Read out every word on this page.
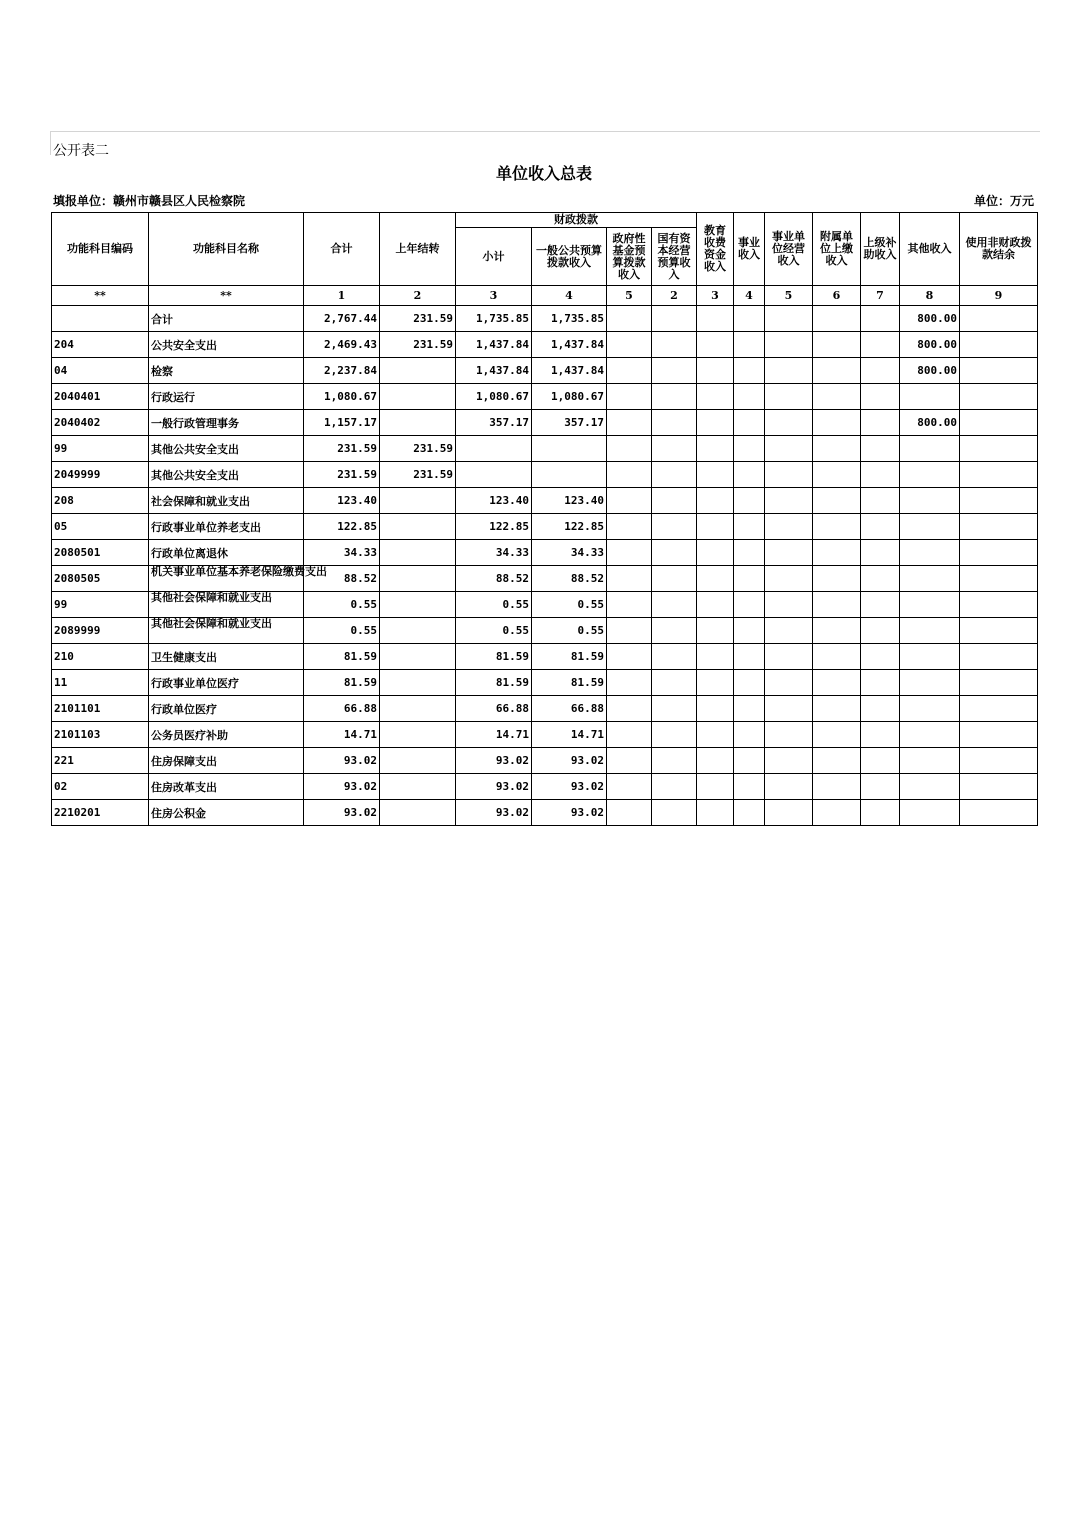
公开表二
单位收入总表
填报单位：赣州市赣县区人民检察院	单位：万元
功能科目编码	功能科目名称	合计	上年结转	财政拨款				教育收费资金收入	事业收入	事业单位经营收入	附属单位上缴收入	上级补助收入	其他收入	使用非财政拨款结余
				小计	一般公共预算拨款收入	政府性基金预算拨款收入	国有资本经营预算收入							
**	**	1	2	3	4	5	2	3	4	5	6	7	8	9
	合计	2,767.44	231.59	1,735.85	1,735.85								800.00	
204	公共安全支出	2,469.43	231.59	1,437.84	1,437.84								800.00	
04	检察	2,237.84		1,437.84	1,437.84								800.00	
2040401	行政运行	1,080.67		1,080.67	1,080.67									
2040402	一般行政管理事务	1,157.17		357.17	357.17								800.00	
99	其他公共安全支出	231.59	231.59											
2049999	其他公共安全支出	231.59	231.59											
208	社会保障和就业支出	123.40		123.40	123.40									
05	行政事业单位养老支出	122.85		122.85	122.85									
2080501	行政单位离退休	34.33		34.33	34.33									
2080505	机关事业单位基本养老保险缴费支出	88.52		88.52	88.52									
99	其他社会保障和就业支出	0.55		0.55	0.55									
2089999	其他社会保障和就业支出	0.55		0.55	0.55									
210	卫生健康支出	81.59		81.59	81.59									
11	行政事业单位医疗	81.59		81.59	81.59									
2101101	行政单位医疗	66.88		66.88	66.88									
2101103	公务员医疗补助	14.71		14.71	14.71									
221	住房保障支出	93.02		93.02	93.02									
02	住房改革支出	93.02		93.02	93.02									
2210201	住房公积金	93.02		93.02	93.02									
